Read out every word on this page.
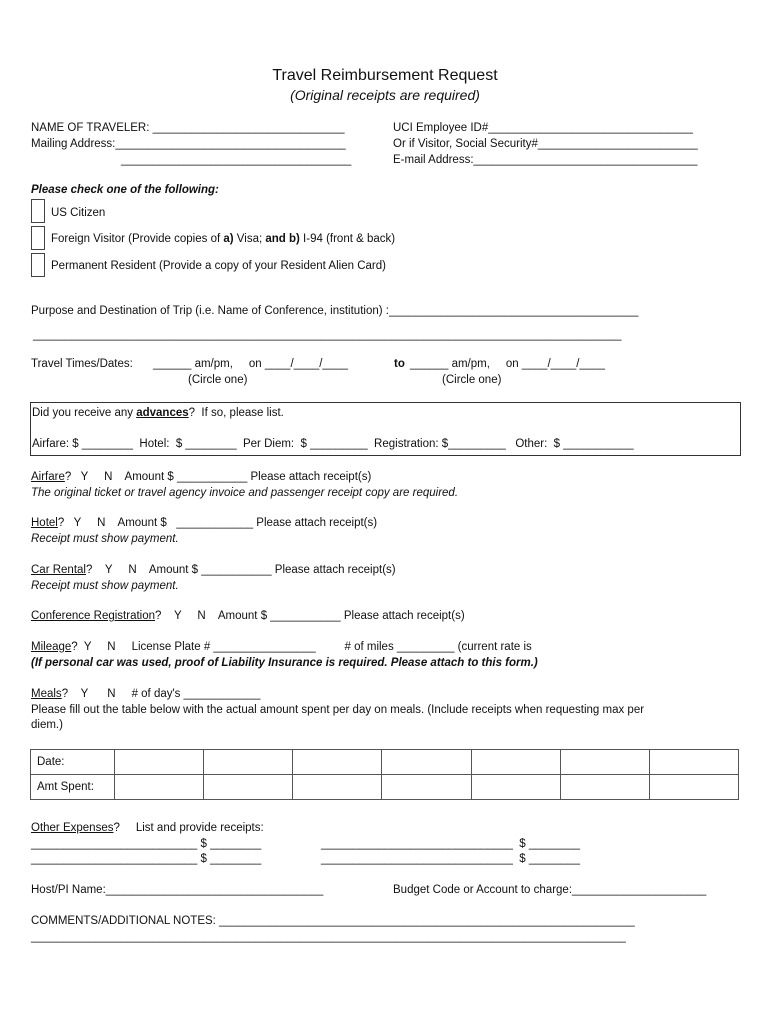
Travel Reimbursement Request
(Original receipts are required)
NAME OF TRAVELER: ______________________________
Mailing Address:____________________________________
____________________________________
UCI Employee ID#________________________________
Or if Visitor, Social Security#_________________________
E-mail Address:___________________________________
Please check one of the following:
US Citizen
Foreign Visitor (Provide copies of a) Visa; and b) I-94 (front & back)
Permanent Resident (Provide a copy of your Resident Alien Card)
Purpose and Destination of Trip (i.e. Name of Conference, institution) :_______________________________________
____________________________________________________________________________________________
Travel Times/Dates: ______ am/pm,     on ____/____/____	to ______ am/pm,     on ____/____/____
(Circle one)	(Circle one)
Did you receive any advances?  If so, please list.
Airfare: $ ________  Hotel:  $ ________  Per Diem:  $ _________  Registration: $_________   Other:  $ ___________
Airfare?   Y     N    Amount $ ___________ Please attach receipt(s)
The original ticket or travel agency invoice and passenger receipt copy are required.
Hotel?   Y     N    Amount $   ____________ Please attach receipt(s)
Receipt must show payment.
Car Rental?    Y     N    Amount $ ___________ Please attach receipt(s)
Receipt must show payment.
Conference Registration?    Y     N    Amount $ ___________ Please attach receipt(s)
Mileage?  Y     N     License Plate # ________________         # of miles _________ (current rate is
(If personal car was used, proof of Liability Insurance is required. Please attach to this form.)
Meals?    Y      N     # of day's ____________
Please fill out the table below with the actual amount spent per day on meals. (Include receipts when requesting max per
diem.)
Date:							
Amt Spent:							
Other Expenses?     List and provide receipts:
__________________________ $ ________
__________________________ $ ________
______________________________  $ ________
______________________________  $ ________
Host/PI Name:__________________________________	Budget Code or Account to charge:_____________________
COMMENTS/ADDITIONAL NOTES: _________________________________________________________________
_____________________________________________________________________________________________
